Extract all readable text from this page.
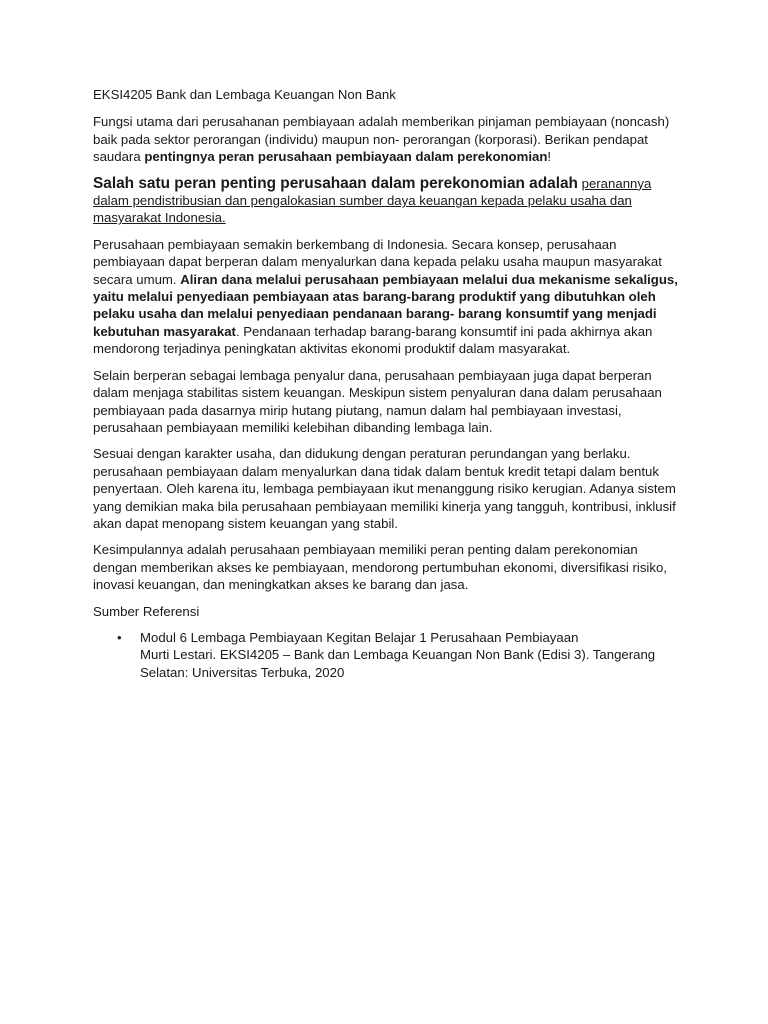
EKSI4205 Bank dan Lembaga Keuangan Non Bank

Fungsi utama dari perusahanan pembiayaan adalah memberikan pinjaman pembiayaan (noncash) baik pada sektor perorangan (individu) maupun non- perorangan (korporasi). Berikan pendapat saudara pentingnya peran perusahaan pembiayaan dalam perekonomian!

Salah satu peran penting perusahaan dalam perekonomian adalah peranannya dalam pendistribusian dan pengalokasian sumber daya keuangan kepada pelaku usaha dan masyarakat Indonesia.

Perusahaan pembiayaan semakin berkembang di Indonesia. Secara konsep, perusahaan pembiayaan dapat berperan dalam menyalurkan dana kepada pelaku usaha maupun masyarakat secara umum. Aliran dana melalui perusahaan pembiayaan melalui dua mekanisme sekaligus, yaitu melalui penyediaan pembiayaan atas barang-barang produktif yang dibutuhkan oleh pelaku usaha dan melalui penyediaan pendanaan barang- barang konsumtif yang menjadi kebutuhan masyarakat. Pendanaan terhadap barang-barang konsumtif ini pada akhirnya akan mendorong terjadinya peningkatan aktivitas ekonomi produktif dalam masyarakat.

Selain berperan sebagai lembaga penyalur dana, perusahaan pembiayaan juga dapat berperan dalam menjaga stabilitas sistem keuangan. Meskipun sistem penyaluran dana dalam perusahaan pembiayaan pada dasarnya mirip hutang piutang, namun dalam hal pembiayaan investasi, perusahaan pembiayaan memiliki kelebihan dibanding lembaga lain.

Sesuai dengan karakter usaha, dan didukung dengan peraturan perundangan yang berlaku. perusahaan pembiayaan dalam menyalurkan dana tidak dalam bentuk kredit tetapi dalam bentuk penyertaan. Oleh karena itu, lembaga pembiayaan ikut menanggung risiko kerugian. Adanya sistem yang demikian maka bila perusahaan pembiayaan memiliki kinerja yang tangguh, kontribusi, inklusif akan dapat menopang sistem keuangan yang stabil.

Kesimpulannya adalah perusahaan pembiayaan memiliki peran penting dalam perekonomian dengan memberikan akses ke pembiayaan, mendorong pertumbuhan ekonomi, diversifikasi risiko, inovasi keuangan, dan meningkatkan akses ke barang dan jasa.

Sumber Referensi

• Modul 6 Lembaga Pembiayaan Kegitan Belajar 1 Perusahaan Pembiayaan
Murti Lestari. EKSI4205 – Bank dan Lembaga Keuangan Non Bank (Edisi 3). Tangerang Selatan: Universitas Terbuka, 2020
